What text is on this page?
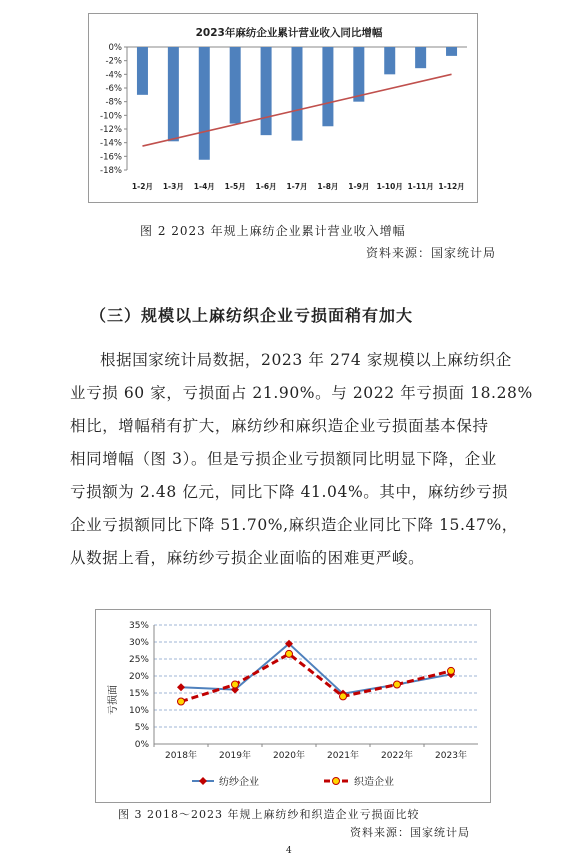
2023年麻纺企业累计营业收入同比增幅
0%
-2%
-4%
-6%
-8%
-10%
-12%
-14%
-16%
-18%
1-2月 1-3月 1-4月 1-5月 1-6月 1-7月 1-8月 1-9月 1-10月 1-11月 1-12月
图 2 2023 年规上麻纺企业累计营业收入增幅
资料来源：国家统计局
（三）规模以上麻纺织企业亏损面稍有加大
根据国家统计局数据，2023 年 274 家规模以上麻纺织企
业亏损 60 家，亏损面占 21.90%。与 2022 年亏损面 18.28%
相比，增幅稍有扩大，麻纺纱和麻织造企业亏损面基本保持
相同增幅（图 3）。但是亏损企业亏损额同比明显下降，企业
亏损额为 2.48 亿元，同比下降 41.04%。其中，麻纺纱亏损
企业亏损额同比下降 51.70%,麻织造企业同比下降 15.47%，
从数据上看，麻纺纱亏损企业面临的困难更严峻。
亏损面
35%
30%
25%
20%
15%
10%
5%
0%
2018年 2019年 2020年 2021年 2022年 2023年
纺纱企业	织造企业
图 3 2018～2023 年规上麻纺纱和织造企业亏损面比较
资料来源：国家统计局
4
